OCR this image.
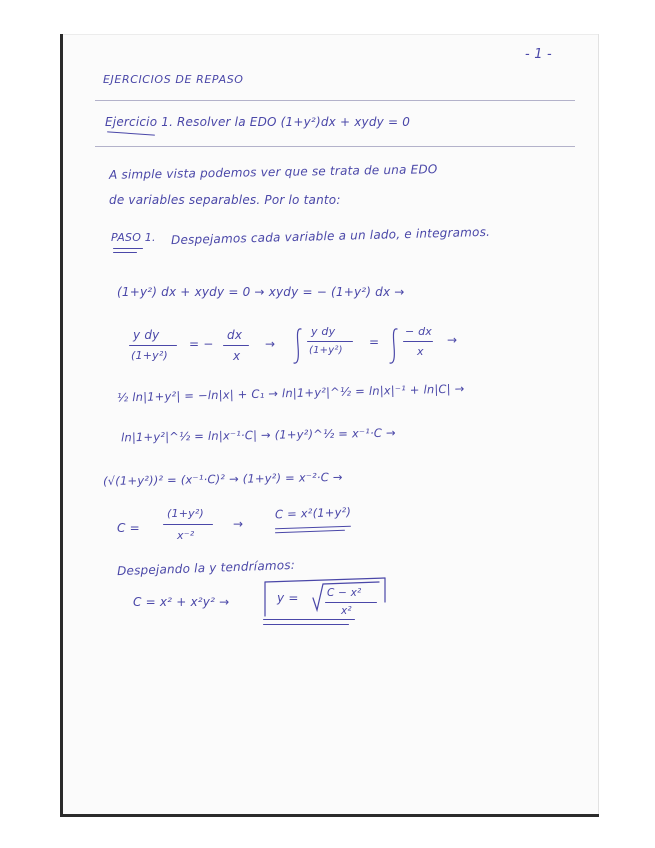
- 1 -
EJERCICIOS DE REPASO
Ejercicio 1. Resolver la EDO (1+y²)dx + xydy = 0
A simple vista podemos ver que se trata de una EDO
de variables separables. Por lo tanto:
PASO 1. Despejamos cada variable a un lado, e integramos.
(1+y²) dx + xydy = 0 → xydy = − (1+y²) dx →
y dy
(1+y²)
= −
dx
x
→
y dy
(1+y²)
=
− dx
x
→
½ ln|1+y²| = −ln|x| + C₁ → ln|1+y²|^½ = ln|x|⁻¹ + ln|C| →
ln|1+y²|^½ = ln|x⁻¹·C| → (1+y²)^½ = x⁻¹·C →
(√(1+y²))² = (x⁻¹·C)² → (1+y²) = x⁻²·C →
C =
(1+y²)
x⁻²
→
C = x²(1+y²)
Despejando la y tendríamos:
C = x² + x²y² →	y =	C − x²
x²
